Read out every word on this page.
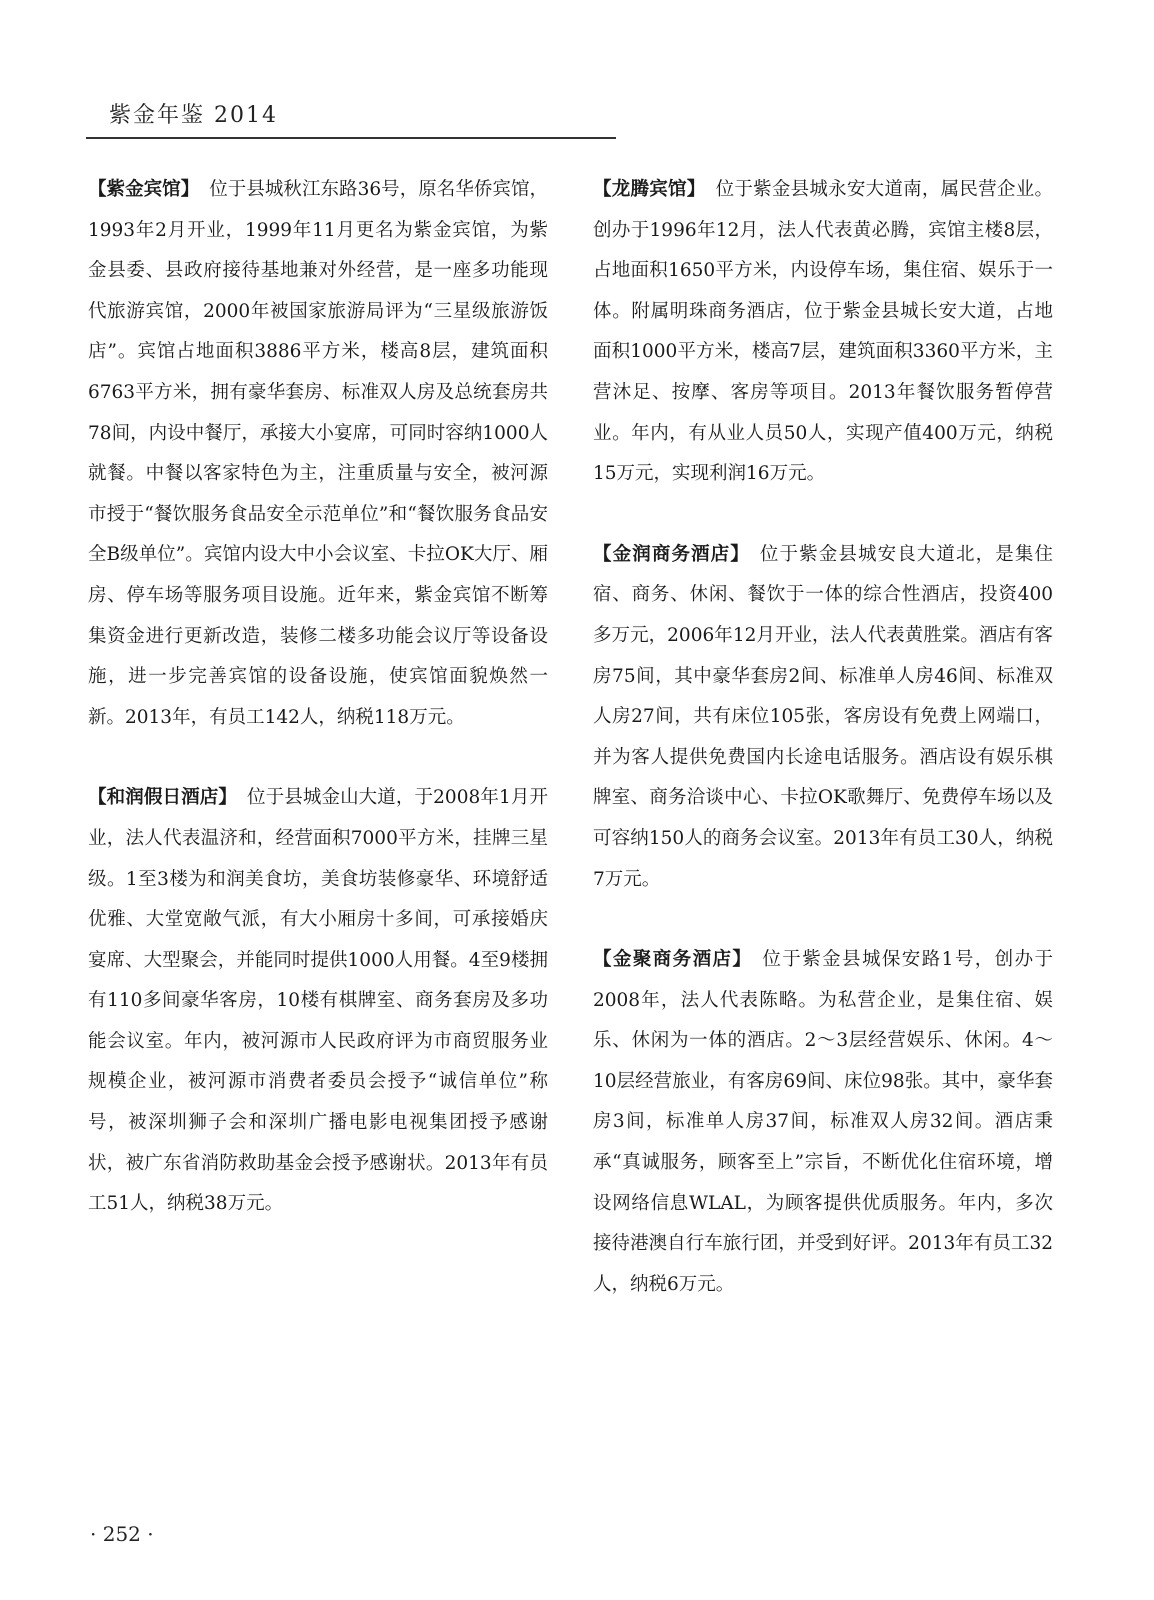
紫金年鉴 2014

【紫金宾馆】 位于县城秋江东路36号，原名华侨宾馆，1993年2月开业，1999年11月更名为紫金宾馆，为紫金县委、县政府接待基地兼对外经营，是一座多功能现代旅游宾馆，2000年被国家旅游局评为“三星级旅游饭店”。宾馆占地面积3886平方米，楼高8层，建筑面积6763平方米，拥有豪华套房、标准双人房及总统套房共78间，内设中餐厅，承接大小宴席，可同时容纳1000人就餐。中餐以客家特色为主，注重质量与安全，被河源市授于“餐饮服务食品安全示范单位”和“餐饮服务食品安全B级单位”。宾馆内设大中小会议室、卡拉OK大厅、厢房、停车场等服务项目设施。近年来，紫金宾馆不断筹集资金进行更新改造，装修二楼多功能会议厅等设备设施，进一步完善宾馆的设备设施，使宾馆面貌焕然一新。2013年，有员工142人，纳税118万元。

【和润假日酒店】 位于县城金山大道，于2008年1月开业，法人代表温济和，经营面积7000平方米，挂牌三星级。1至3楼为和润美食坊，美食坊装修豪华、环境舒适优雅、大堂宽敞气派，有大小厢房十多间，可承接婚庆宴席、大型聚会，并能同时提供1000人用餐。4至9楼拥有110多间豪华客房，10楼有棋牌室、商务套房及多功能会议室。年内，被河源市人民政府评为市商贸服务业规模企业，被河源市消费者委员会授予“诚信单位”称号，被深圳狮子会和深圳广播电影电视集团授予感谢状，被广东省消防救助基金会授予感谢状。2013年有员工51人，纳税38万元。

【龙腾宾馆】 位于紫金县城永安大道南，属民营企业。创办于1996年12月，法人代表黄必腾，宾馆主楼8层，占地面积1650平方米，内设停车场，集住宿、娱乐于一体。附属明珠商务酒店，位于紫金县城长安大道，占地面积1000平方米，楼高7层，建筑面积3360平方米，主营沐足、按摩、客房等项目。2013年餐饮服务暂停营业。年内，有从业人员50人，实现产值400万元，纳税15万元，实现利润16万元。

【金润商务酒店】 位于紫金县城安良大道北，是集住宿、商务、休闲、餐饮于一体的综合性酒店，投资400多万元，2006年12月开业，法人代表黄胜棠。酒店有客房75间，其中豪华套房2间、标准单人房46间、标准双人房27间，共有床位105张，客房设有免费上网端口，并为客人提供免费国内长途电话服务。酒店设有娱乐棋牌室、商务洽谈中心、卡拉OK歌舞厅、免费停车场以及可容纳150人的商务会议室。2013年有员工30人，纳税7万元。

【金聚商务酒店】 位于紫金县城保安路1号，创办于2008年，法人代表陈略。为私营企业，是集住宿、娱乐、休闲为一体的酒店。2～3层经营娱乐、休闲。4～10层经营旅业，有客房69间、床位98张。其中，豪华套房3间，标准单人房37间，标准双人房32间。酒店秉承“真诚服务，顾客至上”宗旨，不断优化住宿环境，增设网络信息WLAL，为顾客提供优质服务。年内，多次接待港澳自行车旅行团，并受到好评。2013年有员工32人，纳税6万元。

· 252 ·
